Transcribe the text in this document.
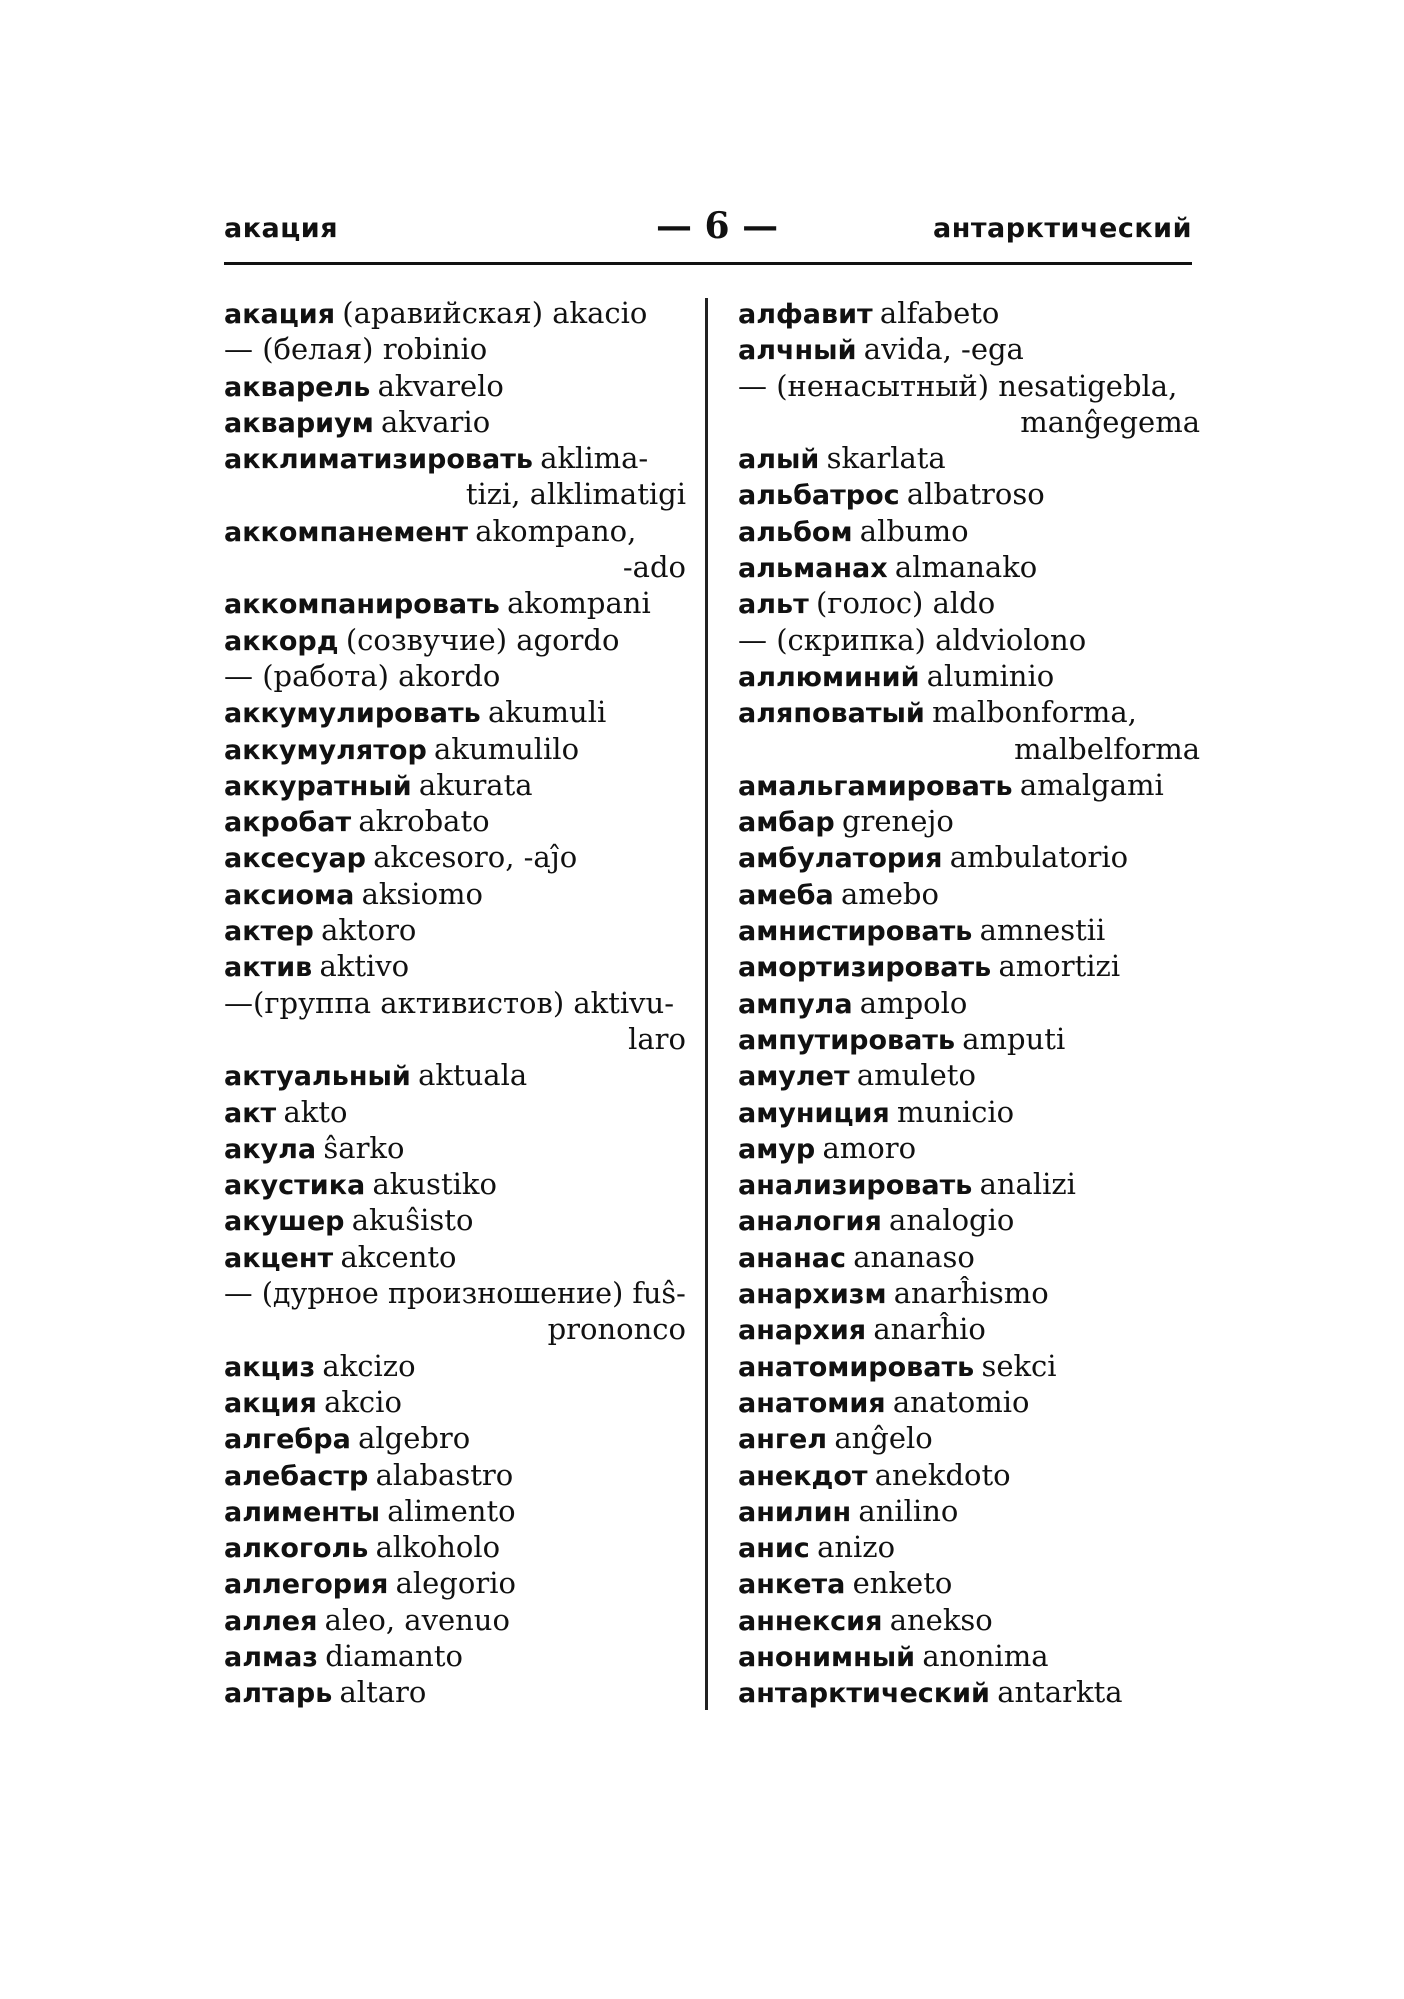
акация	— 6 —	антарктический
акация (аравийская) akacio
— (белая) robinio
акварель akvarelo
аквариум akvario
акклиматизировать aklima-
tizi, alklimatigi
аккомпанемент akompano,
-ado
аккомпанировать akompani
аккорд (созвучие) agordo
— (работа) akordo
аккумулировать akumuli
аккумулятор akumulilo
аккуратный akurata
акробат akrobato
аксесуар akcesoro, -aĵo
аксиома aksiomo
актер aktoro
актив aktivo
—(группа активистов) aktivu-
laro
актуальный aktuala
акт akto
акула ŝarko
акустика akustiko
акушер akuŝisto
акцент akcento
— (дурное произношение) fuŝ-
prononco
акциз akcizo
акция akcio
алгебра algebro
алебастр alabastro
алименты alimento
алкоголь alkoholo
аллегория alegorio
аллея aleo, avenuo
алмаз diamanto
алтарь altaro
алфавит alfabeto
алчный avida, -ega
— (ненасытный) nesatigebla,
manĝegema
алый skarlata
альбатрос albatroso
альбом albumo
альманах almanako
альт (голос) aldo
— (скрипка) aldviolono
аллюминий aluminio
аляповатый malbonforma,
malbelforma
амальгамировать amalgami
амбар grenejo
амбулатория ambulatorio
амеба amebo
амнистировать amnestii
амортизировать amortizi
ампула ampolo
ампутировать amputi
амулет amuleto
амуниция municio
амур amoro
анализировать analizi
аналогия analogio
ананас ananaso
анархизм anarĥismo
анархия anarĥio
анатомировать sekci
анатомия anatomio
ангел anĝelo
анекдот anekdoto
анилин anilino
анис anizo
анкета enketo
аннексия anekso
анонимный anonima
антарктический antarkta
